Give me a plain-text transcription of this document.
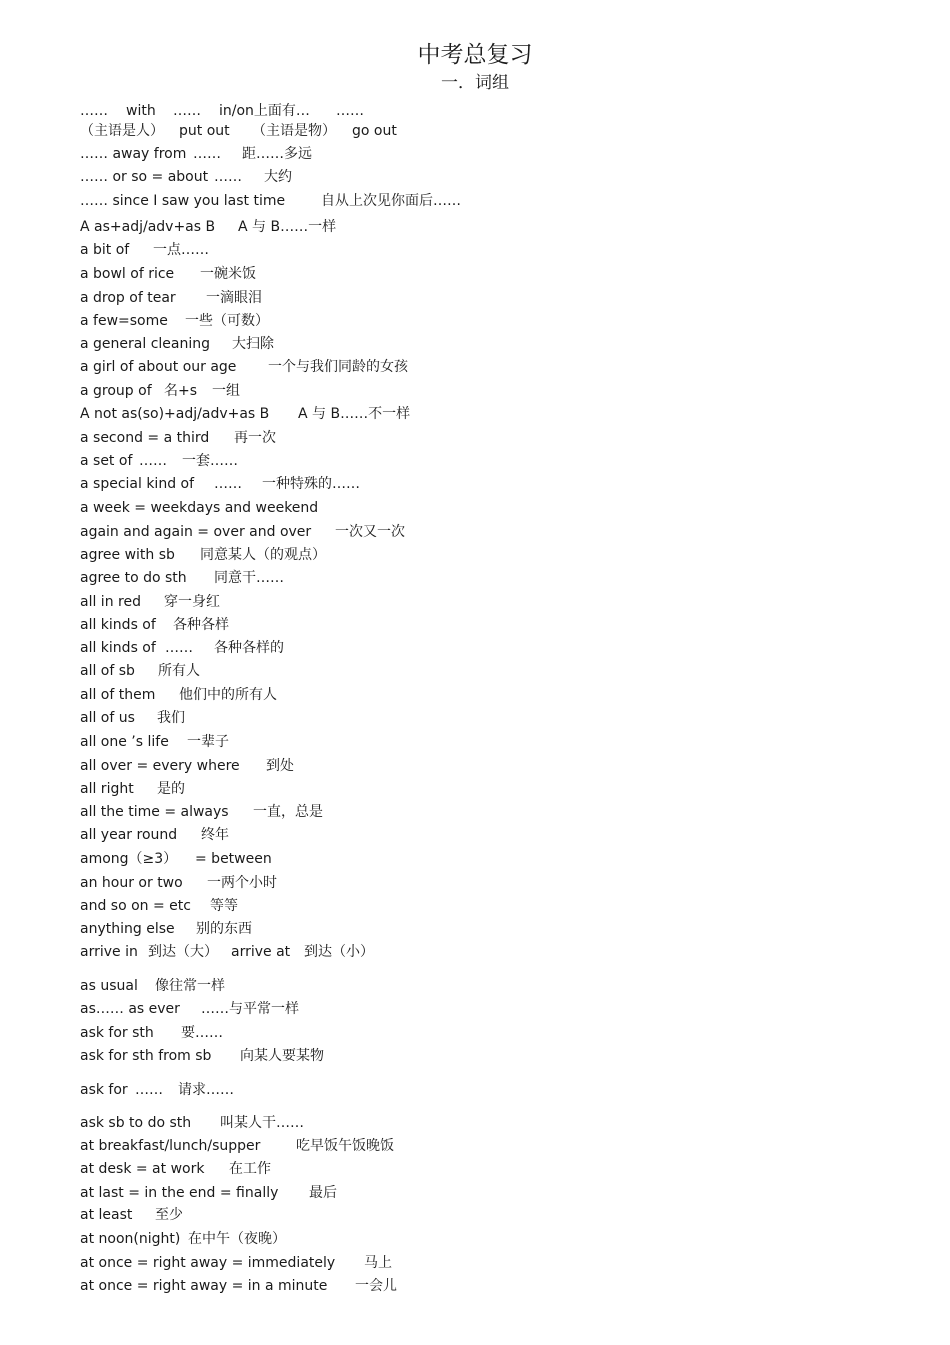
中考总复习
一．词组
…… with …… in/on上面有… ……
（主语是人） put out （主语是物） go out
…… away from …… 距……多远
…… or so = about …… 大约
…… since I saw you last time	自从上次见你面后……
A as+adj/adv+as B A 与 B……一样
a bit of 一点……
a bowl of rice 一碗米饭
a drop of tear 一滴眼泪
a few=some 一些（可数）
a general cleaning 大扫除
a girl of about our age 一个与我们同龄的女孩
a group of 名+s 一组
A not as(so)+adj/adv+as B A 与 B……不一样
a second = a third 再一次
a set of …… 一套……
a special kind of …… 一种特殊的……
a week = weekdays and weekend
again and again = over and over 一次又一次
agree with sb 同意某人（的观点）
agree to do sth 同意干……
all in red 穿一身红
all kinds of 各种各样
all kinds of …… 各种各样的
all of sb 所有人
all of them 他们中的所有人
all of us 我们
all one ’s life 一辈子
all over = every where 到处
all right 是的
all the time = always 一直，总是
all year round 终年
among（≥3） = between
an hour or two 一两个小时
and so on = etc 等等
anything else 别的东西
arrive in 到达（大） arrive at 到达（小）
as usual 像往常一样
as…… as ever ……与平常一样
ask for sth 要……
ask for sth from sb 向某人要某物
ask for …… 请求……
ask sb to do sth 叫某人干……
at breakfast/lunch/supper	吃早饭午饭晚饭
at desk = at work 在工作
at last = in the end = finally 最后
at least 至少
at noon(night) 在中午（夜晚）
at once = right away = immediately 马上
at once = right away = in a minute 一会儿
